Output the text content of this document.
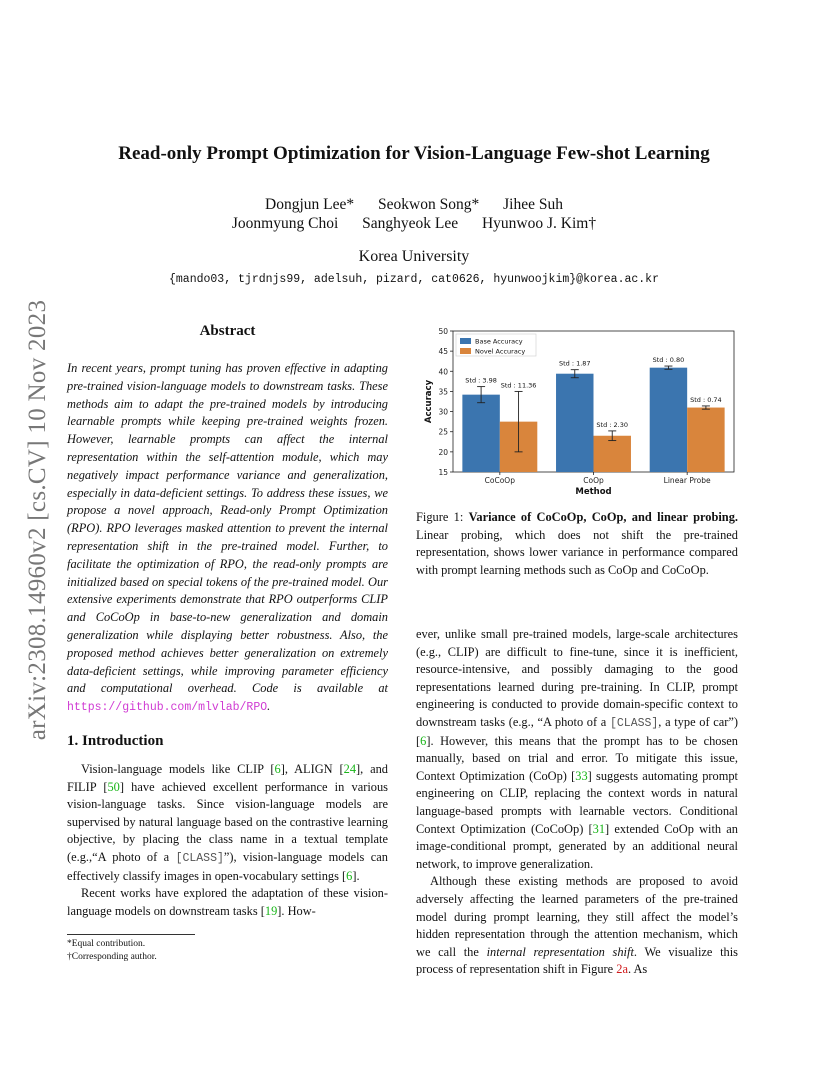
arXiv:2308.14960v2 [cs.CV] 10 Nov 2023
Read-only Prompt Optimization for Vision-Language Few-shot Learning
Dongjun Lee* Seokwon Song* Jihee Suh
Joonmyung Choi Sanghyeok Lee Hyunwoo J. Kim†
Korea University
{mando03, tjrdnjs99, adelsuh, pizard, cat0626, hyunwoojkim}@korea.ac.kr
Abstract
In recent years, prompt tuning has proven effective in adapting pre-trained vision-language models to downstream tasks. These methods aim to adapt the pre-trained models by introducing learnable prompts while keeping pre-trained weights frozen. However, learnable prompts can affect the internal representation within the self-attention module, which may negatively impact performance variance and generalization, especially in data-deficient settings. To address these issues, we propose a novel approach, Read-only Prompt Optimization (RPO). RPO leverages masked attention to prevent the internal representation shift in the pre-trained model. Further, to facilitate the optimization of RPO, the read-only prompts are initialized based on special tokens of the pre-trained model. Our extensive experiments demonstrate that RPO outperforms CLIP and CoCoOp in base-to-new generalization and domain generalization while displaying better robustness. Also, the proposed method achieves better generalization on extremely data-deficient settings, while improving parameter efficiency and computational overhead. Code is available at https://github.com/mlvlab/RPO.
1. Introduction

Vision-language models like CLIP [6], ALIGN [24], and FILIP [50] have achieved excellent performance in various vision-language tasks. Since vision-language models are supervised by natural language based on the contrastive learning objective, by placing the class name in a textual template (e.g.,“A photo of a [CLASS]”), vision-language models can effectively classify images in open-vocabulary settings [6].

Recent works have explored the adaptation of these vision-language models on downstream tasks [19]. How-

*Equal contribution.
†Corresponding author.
15
20
25
30
35
40
45
50
Accuracy
Method
CoCoOp
Std : 3.98
Std : 11.36
CoOp
Std : 1.87
Std : 2.30
Linear Probe
Std : 0.80
Std : 0.74
Base Accuracy
Novel Accuracy
Figure 1: Variance of CoCoOp, CoOp, and linear probing. Linear probing, which does not shift the pre-trained representation, shows lower variance in performance compared with prompt learning methods such as CoOp and CoCoOp.

ever, unlike small pre-trained models, large-scale architectures (e.g., CLIP) are difficult to fine-tune, since it is inefficient, resource-intensive, and possibly damaging to the good representations learned during pre-training. In CLIP, prompt engineering is conducted to provide domain-specific context to downstream tasks (e.g., “A photo of a [CLASS], a type of car”) [6]. However, this means that the prompt has to be chosen manually, based on trial and error. To mitigate this issue, Context Optimization (CoOp) [33] suggests automating prompt engineering on CLIP, replacing the context words in natural language-based prompts with learnable vectors. Conditional Context Optimization (CoCoOp) [31] extended CoOp with an image-conditional prompt, generated by an additional neural network, to improve generalization.

Although these existing methods are proposed to avoid adversely affecting the learned parameters of the pre-trained model during prompt learning, they still affect the model’s hidden representation through the attention mechanism, which we call the internal representation shift. We visualize this process of representation shift in Figure 2a. As
